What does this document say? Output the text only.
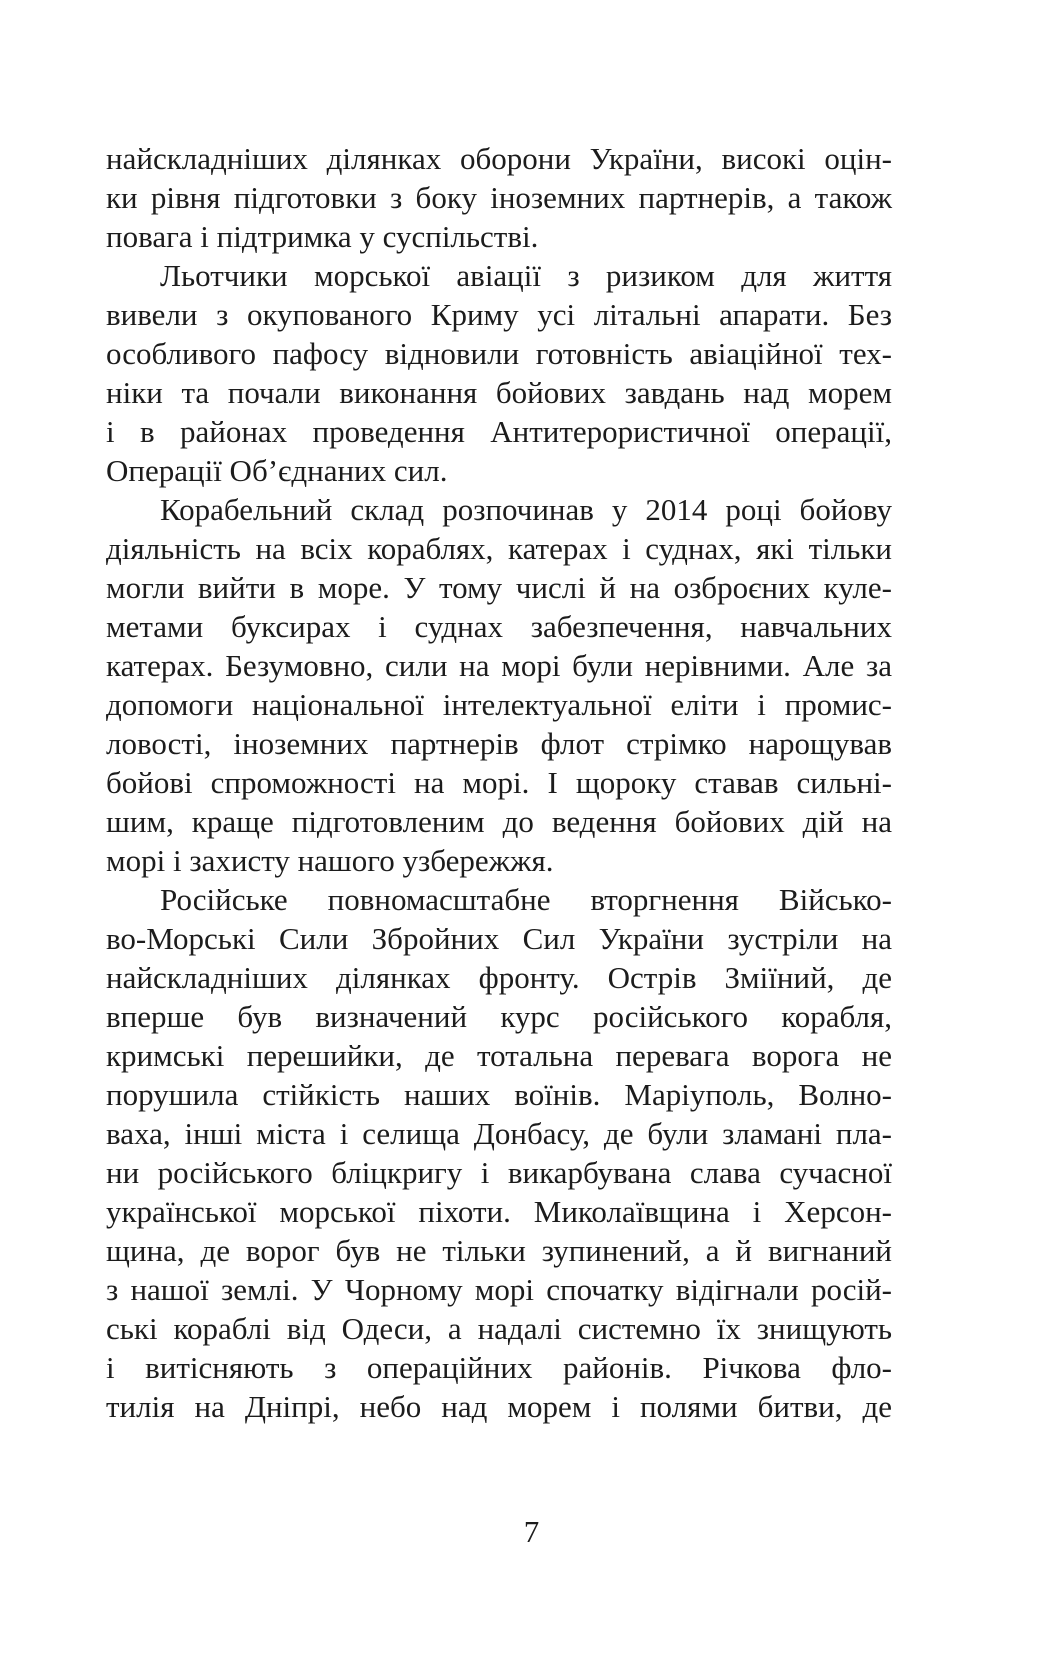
найскладніших ділянках оборони України, високі оцін-
ки рівня підготовки з боку іноземних партнерів, а також
повага і підтримка у суспільстві.
Льотчики морської авіації з ризиком для життя
вивели з окупованого Криму усі літальні апарати. Без
особливого пафосу відновили готовність авіаційної тех-
ніки та почали виконання бойових завдань над морем
і в районах проведення Антитерористичної операції,
Операції Об’єднаних сил.
Корабельний склад розпочинав у 2014 році бойову
діяльність на всіх кораблях, катерах і суднах, які тільки
могли вийти в море. У тому числі й на озброєних куле-
метами буксирах і суднах забезпечення, навчальних
катерах. Безумовно, сили на морі були нерівними. Але за
допомоги національної інтелектуальної еліти і промис-
ловості, іноземних партнерів флот стрімко нарощував
бойові спроможності на морі. І щороку ставав сильні-
шим, краще підготовленим до ведення бойових дій на
морі і захисту нашого узбережжя.
Російське повномасштабне вторгнення Військо-
во-Морські Сили Збройних Сил України зустріли на
найскладніших ділянках фронту. Острів Зміїний, де
вперше був визначений курс російського корабля,
кримські перешийки, де тотальна перевага ворога не
порушила стійкість наших воїнів. Маріуполь, Волно-
ваха, інші міста і селища Донбасу, де були зламані пла-
ни російського бліцкригу і викарбувана слава сучасної
української морської піхоти. Миколаївщина і Херсон-
щина, де ворог був не тільки зупинений, а й вигнаний
з нашої землі. У Чорному морі спочатку відігнали росій-
ські кораблі від Одеси, а надалі системно їх знищують
і витісняють з операційних районів. Річкова фло-
тилія на Дніпрі, небо над морем і полями битви, де
7
